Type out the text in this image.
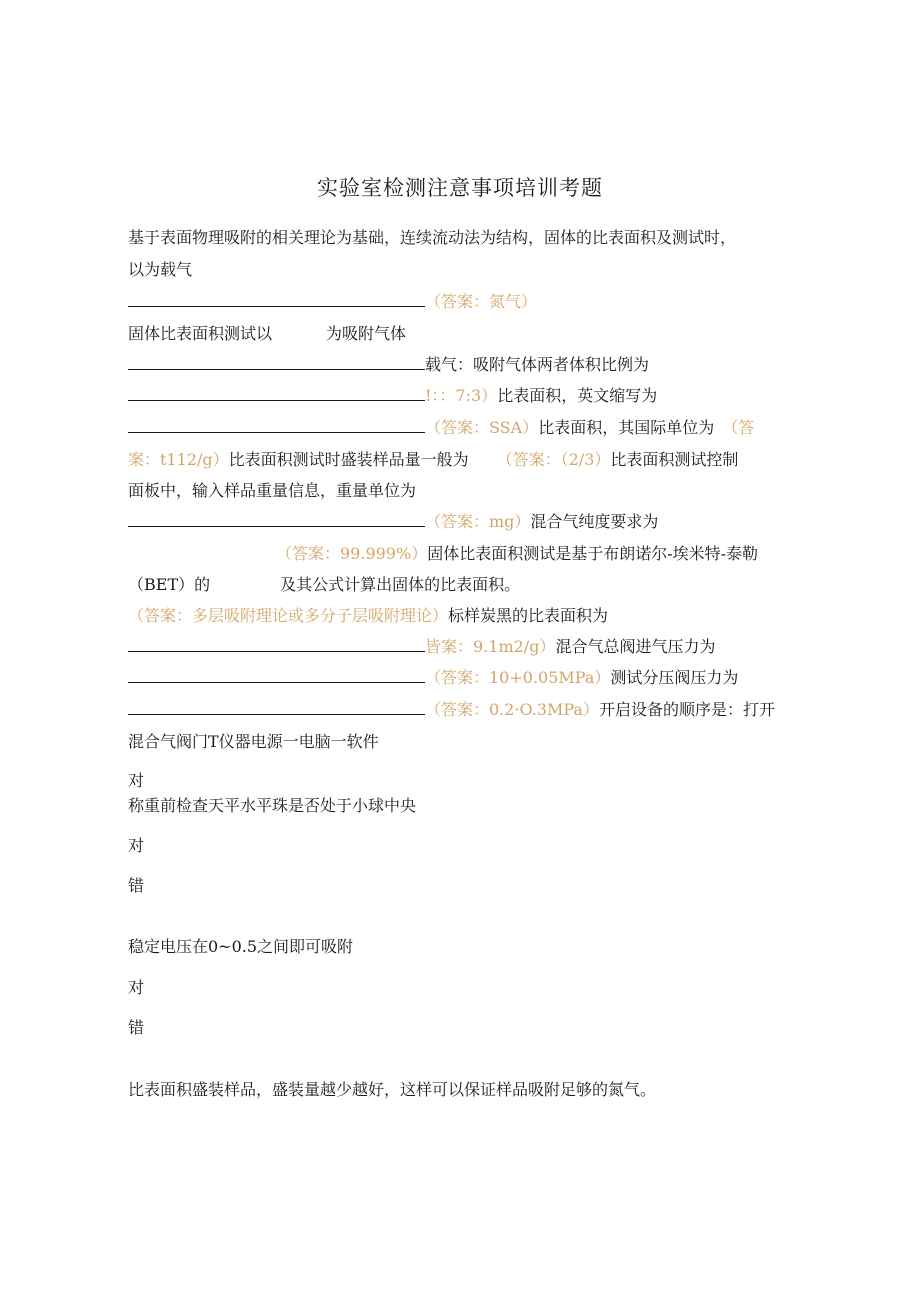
实验室检测注意事项培训考题
基于表面物理吸附的相关理论为基础，连续流动法为结构，固体的比表面积及测试时，
以为载气
（答案：氮气）
固体比表面积测试以	为吸附气体
载气：吸附气体两者体积比例为
!：：7:3）比表面积，英文缩写为
（答案：SSA）比表面积，其国际单位为 （答
案：t112/g）比表面积测试时盛装样品量一般为 （答案：（2/3）比表面积测试控制
面板中，输入样品重量信息，重量单位为
（答案：mg）混合气纯度要求为
（答案：99.999%）固体比表面积测试是基于布朗诺尔-埃米特-泰勒
（BET）的	及其公式计算出固体的比表面积。
（答案：多层吸附理论或多分子层吸附理论）标样炭黑的比表面积为
皆案：9.1m2/g）混合气总阀进气压力为
（答案：10+0.05MPa）测试分压阀压力为
（答案：0.2·O.3MPa）开启设备的顺序是：打开
混合气阀门T仪器电源一电脑一软件
对
称重前检查天平水平珠是否处于小球中央
对
错
稳定电压在0~0.5之间即可吸附
对
错
比表面积盛装样品，盛装量越少越好，这样可以保证样品吸附足够的氮气。
